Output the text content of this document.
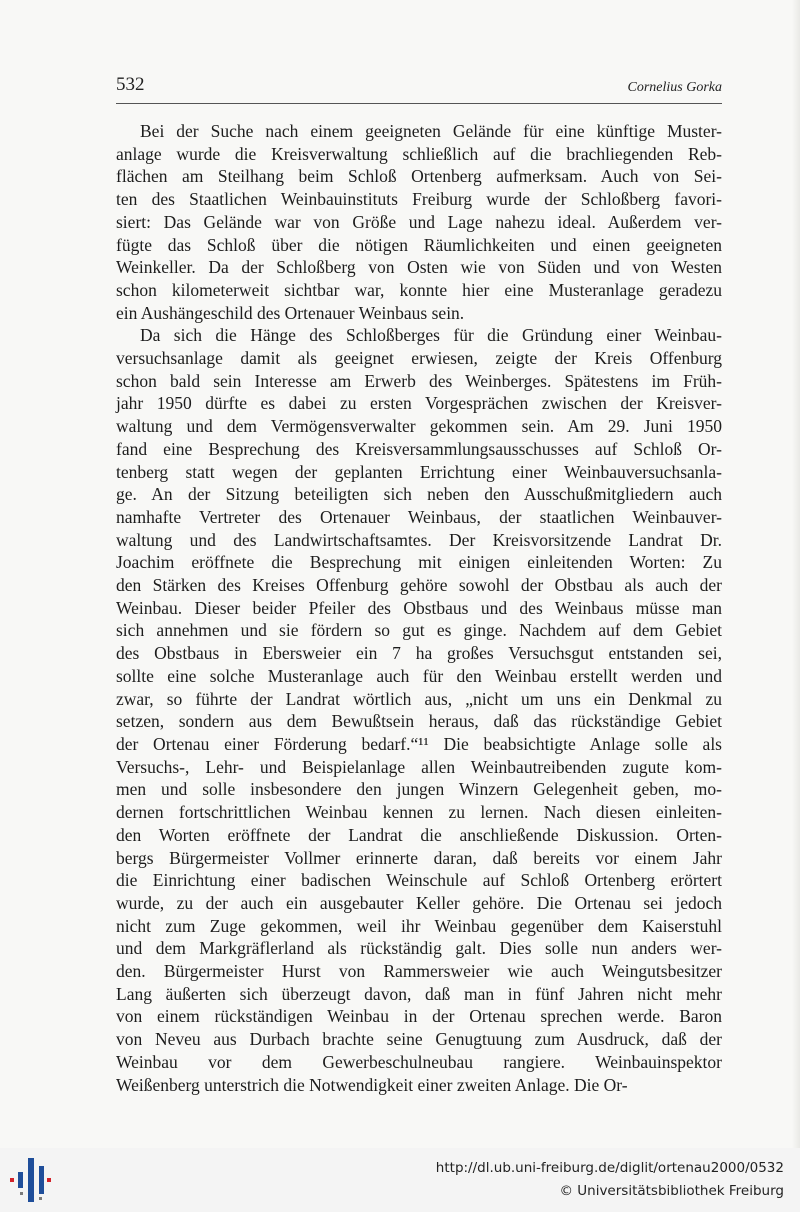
532	Cornelius Gorka

Bei der Suche nach einem geeigneten Gelände für eine künftige Muster-
anlage wurde die Kreisverwaltung schließlich auf die brachliegenden Reb-
flächen am Steilhang beim Schloß Ortenberg aufmerksam. Auch von Sei-
ten des Staatlichen Weinbauinstituts Freiburg wurde der Schloßberg favori-
siert: Das Gelände war von Größe und Lage nahezu ideal. Außerdem ver-
fügte das Schloß über die nötigen Räumlichkeiten und einen geeigneten
Weinkeller. Da der Schloßberg von Osten wie von Süden und von Westen
schon kilometerweit sichtbar war, konnte hier eine Musteranlage geradezu
ein Aushängeschild des Ortenauer Weinbaus sein.

Da sich die Hänge des Schloßberges für die Gründung einer Weinbau-
versuchsanlage damit als geeignet erwiesen, zeigte der Kreis Offenburg
schon bald sein Interesse am Erwerb des Weinberges. Spätestens im Früh-
jahr 1950 dürfte es dabei zu ersten Vorgesprächen zwischen der Kreisver-
waltung und dem Vermögensverwalter gekommen sein. Am 29. Juni 1950
fand eine Besprechung des Kreisversammlungsausschusses auf Schloß Or-
tenberg statt wegen der geplanten Errichtung einer Weinbauversuchsanla-
ge. An der Sitzung beteiligten sich neben den Ausschußmitgliedern auch
namhafte Vertreter des Ortenauer Weinbaus, der staatlichen Weinbauver-
waltung und des Landwirtschaftsamtes. Der Kreisvorsitzende Landrat Dr.
Joachim eröffnete die Besprechung mit einigen einleitenden Worten: Zu
den Stärken des Kreises Offenburg gehöre sowohl der Obstbau als auch der
Weinbau. Dieser beider Pfeiler des Obstbaus und des Weinbaus müsse man
sich annehmen und sie fördern so gut es ginge. Nachdem auf dem Gebiet
des Obstbaus in Ebersweier ein 7 ha großes Versuchsgut entstanden sei,
sollte eine solche Musteranlage auch für den Weinbau erstellt werden und
zwar, so führte der Landrat wörtlich aus, „nicht um uns ein Denkmal zu
setzen, sondern aus dem Bewußtsein heraus, daß das rückständige Gebiet
der Ortenau einer Förderung bedarf.“¹¹ Die beabsichtigte Anlage solle als
Versuchs-, Lehr- und Beispielanlage allen Weinbautreibenden zugute kom-
men und solle insbesondere den jungen Winzern Gelegenheit geben, mo-
dernen fortschrittlichen Weinbau kennen zu lernen. Nach diesen einleiten-
den Worten eröffnete der Landrat die anschließende Diskussion. Orten-
bergs Bürgermeister Vollmer erinnerte daran, daß bereits vor einem Jahr
die Einrichtung einer badischen Weinschule auf Schloß Ortenberg erörtert
wurde, zu der auch ein ausgebauter Keller gehöre. Die Ortenau sei jedoch
nicht zum Zuge gekommen, weil ihr Weinbau gegenüber dem Kaiserstuhl
und dem Markgräflerland als rückständig galt. Dies solle nun anders wer-
den. Bürgermeister Hurst von Rammersweier wie auch Weingutsbesitzer
Lang äußerten sich überzeugt davon, daß man in fünf Jahren nicht mehr
von einem rückständigen Weinbau in der Ortenau sprechen werde. Baron
von Neveu aus Durbach brachte seine Genugtuung zum Ausdruck, daß der
Weinbau vor dem Gewerbeschulneubau rangiere. Weinbauinspektor
Weißenberg unterstrich die Notwendigkeit einer zweiten Anlage. Die Or-

http://dl.ub.uni-freiburg.de/diglit/ortenau2000/0532
© Universitätsbibliothek Freiburg
